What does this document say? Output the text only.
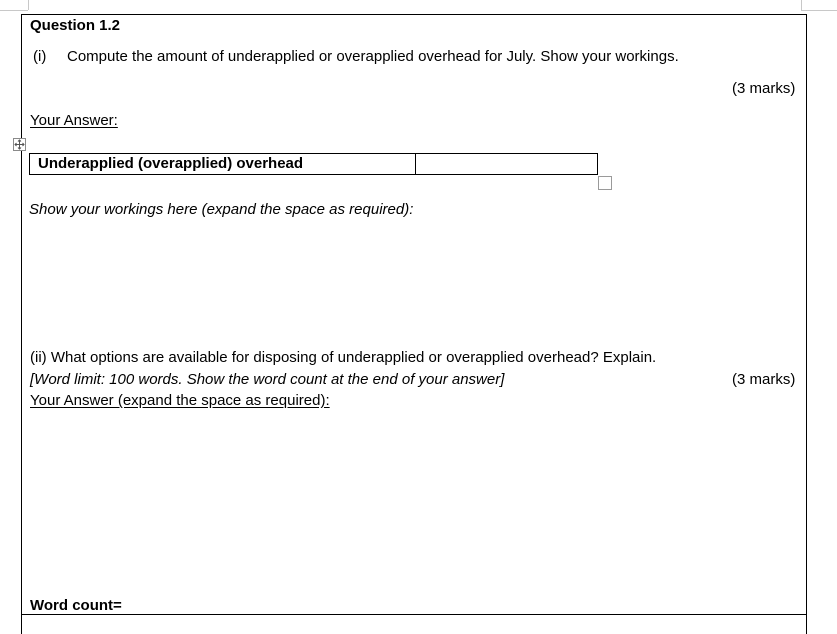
Question 1.2
(i) Compute the amount of underapplied or overapplied overhead for July. Show your workings.
(3 marks)
Your Answer:
Underapplied (overapplied) overhead
Show your workings here (expand the space as required):
(ii) What options are available for disposing of underapplied or overapplied overhead? Explain.
[Word limit: 100 words. Show the word count at the end of your answer]	(3 marks)
Your Answer (expand the space as required):
Word count=
